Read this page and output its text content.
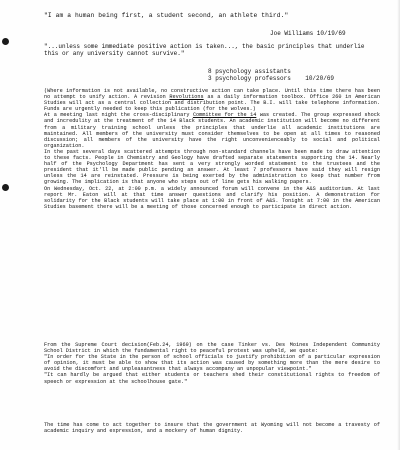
"I am a human being first, a student second, an athlete third."
Joe Williams 10/19/69
"...unless some immediate positive action is taken..., the basic principles that underlie this or any university cannot survive."
8 psychology assistants
3 psychology professors    10/20/69

(Where information is not available, no constructive action can take place. Until this time there has been no attempt to unify action. A revision Revolutions as a daily information toolbox. Office 260 in American Studies will act as a central collection and distribution point. The B.I. will take telephone information. Funds are urgently needed to keep this publication (for the wolves.)

At a meeting last night the cross-disciplinary Committee for the 14 was created. The group expressed shock and incredulity at the treatment of the 14 Black students. An academic institution will become no different from a military training school unless the principles that underlie all academic institutions are maintained. All members of the university must consider themselves to be open at all times to reasoned discussion; all members of the university have the right unconvenienceably to social and political organization.

In the past several days scattered attempts through non-standard channels have been made to draw attention to these facts. People in Chemistry and Geology have drafted separate statements supporting the 14. Nearly half of the Psychology Department has sent a very strongly worded statement to the trustees and the president that it'll be made public pending an answer. At least 7 professors have said they will resign unless the 14 are reinstated. Pressure is being exerted by the administration to keep that number from growing. The implication is that anyone who steps out of line gets his walking papers.

On Wednesday, Oct. 22, at 2:00 p.m. a widely announced forum will convene in the A&S auditorium. At last report Mr. Eaton will at that time answer questions and clarify his position. A demonstration for solidarity for the Black students will take place at 1:00 in front of A&S. Tonight at 7:00 in the American Studies basement there will be a meeting of those concerned enough to participate in direct action.

From the Supreme Court decision(Feb.24, 1969) on the case Tinker vs. Des Moines Independent Community School District in which the fundamental right to peaceful protest was upheld, we quote:

"In order for the State in the person of school officials to justify prohibition of a particular expression of opinion, it must be able to show that its action was caused by something more than the mere desire to avoid the discomfort and unpleasantness that always accompany an unpopular viewpoint."

"It can hardly be argued that either students or teachers shed their constitutional rights to freedom of speech or expression at the schoolhouse gate."

The time has come to act together to insure that the government at Wyoming will not become a travesty of academic inquiry and expression, and a mockery of human dignity.
